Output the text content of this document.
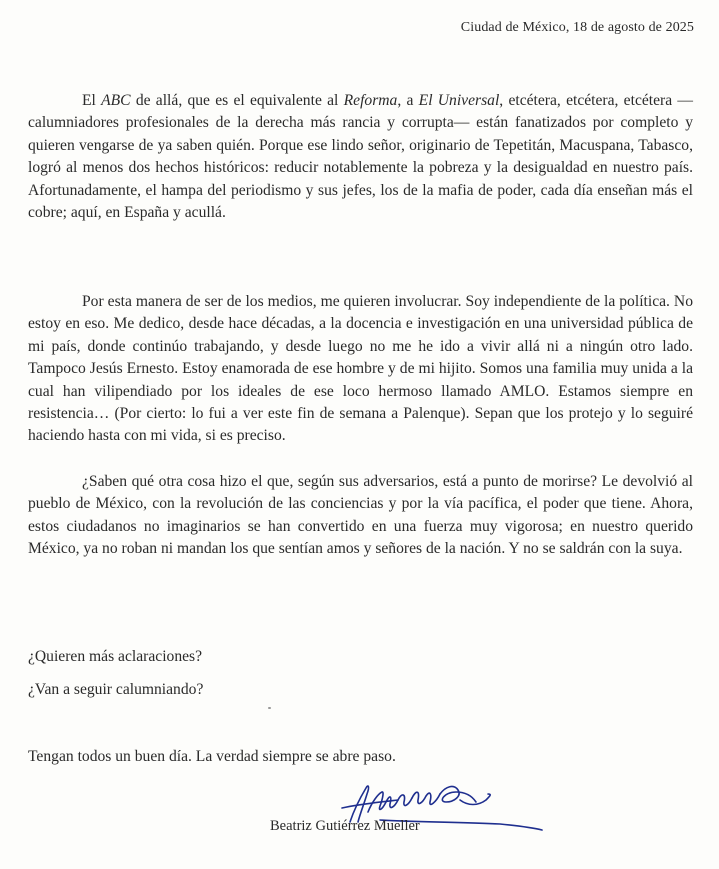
Ciudad de México, 18 de agosto de 2025

El ABC de allá, que es el equivalente al Reforma, a El Universal, etcétera, etcétera, etcétera —calumniadores profesionales de la derecha más rancia y corrupta— están fanatizados por completo y quieren vengarse de ya saben quién. Porque ese lindo señor, originario de Tepetitán, Macuspana, Tabasco, logró al menos dos hechos históricos: reducir notablemente la pobreza y la desigualdad en nuestro país. Afortunadamente, el hampa del periodismo y sus jefes, los de la mafia de poder, cada día enseñan más el cobre; aquí, en España y acullá.

Por esta manera de ser de los medios, me quieren involucrar. Soy independiente de la política. No estoy en eso. Me dedico, desde hace décadas, a la docencia e investigación en una universidad pública de mi país, donde continúo trabajando, y desde luego no me he ido a vivir allá ni a ningún otro lado. Tampoco Jesús Ernesto. Estoy enamorada de ese hombre y de mi hijito. Somos una familia muy unida a la cual han vilipendiado por los ideales de ese loco hermoso llamado AMLO. Estamos siempre en resistencia… (Por cierto: lo fui a ver este fin de semana a Palenque). Sepan que los protejo y lo seguiré haciendo hasta con mi vida, si es preciso.

¿Saben qué otra cosa hizo el que, según sus adversarios, está a punto de morirse? Le devolvió al pueblo de México, con la revolución de las conciencias y por la vía pacífica, el poder que tiene. Ahora, estos ciudadanos no imaginarios se han convertido en una fuerza muy vigorosa; en nuestro querido México, ya no roban ni mandan los que sentían amos y señores de la nación. Y no se saldrán con la suya.

¿Quieren más aclaraciones?

¿Van a seguir calumniando?

Tengan todos un buen día. La verdad siempre se abre paso.

Beatriz Gutiérrez Mueller
